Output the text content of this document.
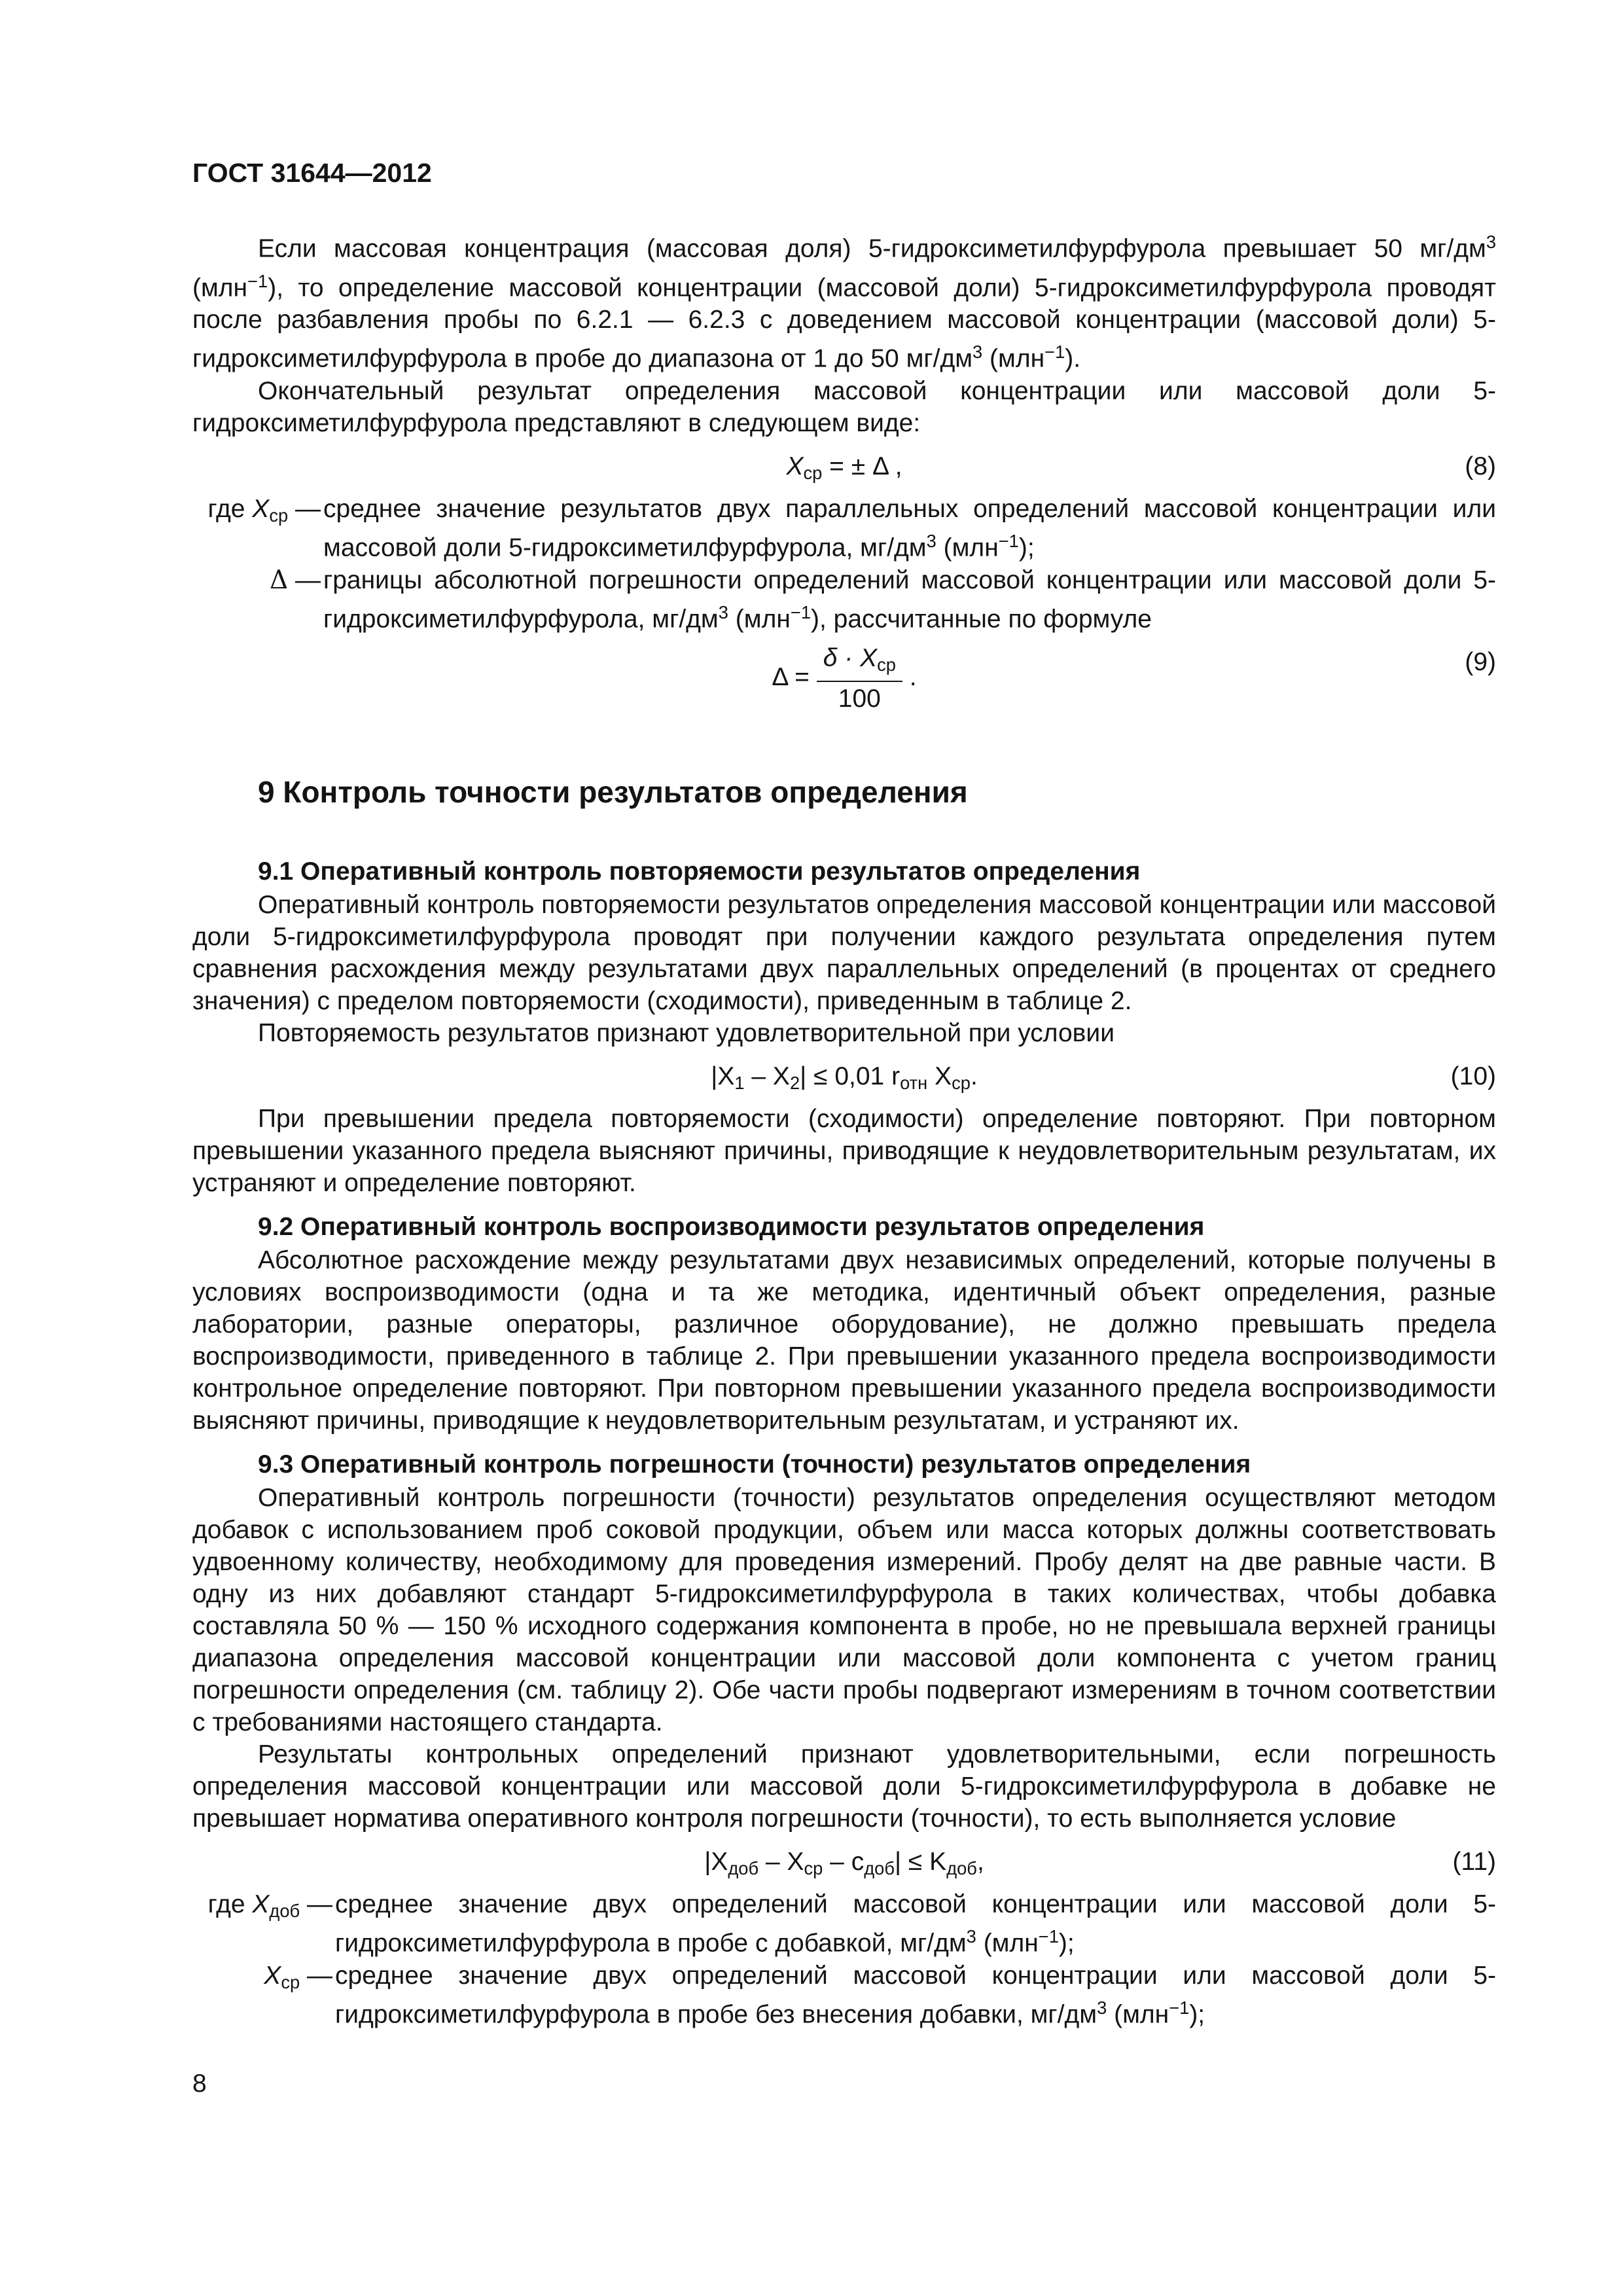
ГОСТ 31644—2012

Если массовая концентрация (массовая доля) 5-гидроксиметилфурфурола превышает 50 $мг/дм^3$ (млн$^{-1}$), то определение массовой концентрации (массовой доли) 5-гидроксиметилфурфурола проводят после разбавления пробы по 6.2.1 — 6.2.3 с доведением массовой концентрации (массовой доли) 5-гидроксиметилфурфурола в пробе до диапазона от 1 до 50 $мг/дм^3$ (млн$^{-1}$).

Окончательный результат определения массовой концентрации или массовой доли 5-гидроксиметилфурфурола представляют в следующем виде:

$X_{ср}$ = ± Δ ,	(8)
где $X_{ср}$ — среднее значение результатов двух параллельных определений массовой концентрации или массовой доли 5-гидроксиметилфурфурола, $мг/дм^3$ (млн$^{-1}$);
Δ — границы абсолютной погрешности определений массовой концентрации или массовой доли 5-гидроксиметилфурфурола, $мг/дм^3$ (млн$^{-1}$), рассчитанные по формуле
Δ =
$\delta \cdot X_{ср}$
100
.
(9)
9 Контроль точности результатов определения
9.1 Оперативный контроль повторяемости результатов определения

Оперативный контроль повторяемости результатов определения массовой концентрации или массовой доли 5-гидроксиметилфурфурола проводят при получении каждого результата определения путем сравнения расхождения между результатами двух параллельных определений (в процентах от среднего значения) с пределом повторяемости (сходимости), приведенным в таблице 2.

Повторяемость результатов признают удовлетворительной при условии

$|X_1 - X_2| \le 0,01$ $r_{отн}$ $X_{ср}$.	(10)

При превышении предела повторяемости (сходимости) определение повторяют. При повторном превышении указанного предела выясняют причины, приводящие к неудовлетворительным результатам, их устраняют и определение повторяют.

9.2 Оперативный контроль воспроизводимости результатов определения

Абсолютное расхождение между результатами двух независимых определений, которые получены в условиях воспроизводимости (одна и та же методика, идентичный объект определения, разные лаборатории, разные операторы, различное оборудование), не должно превышать предела воспроизводимости, приведенного в таблице 2. При превышении указанного предела воспроизводимости контрольное определение повторяют. При повторном превышении указанного предела воспроизводимости выясняют причины, приводящие к неудовлетворительным результатам, и устраняют их.

9.3 Оперативный контроль погрешности (точности) результатов определения

Оперативный контроль погрешности (точности) результатов определения осуществляют методом добавок с использованием проб соковой продукции, объем или масса которых должны соответствовать удвоенному количеству, необходимому для проведения измерений. Пробу делят на две равные части. В одну из них добавляют стандарт 5-гидроксиметилфурфурола в таких количествах, чтобы добавка составляла 50 % — 150 % исходного содержания компонента в пробе, но не превышала верхней границы диапазона определения массовой концентрации или массовой доли компонента с учетом границ погрешности определения (см. таблицу 2). Обе части пробы подвергают измерениям в точном соответствии с требованиями настоящего стандарта.

Результаты контрольных определений признают удовлетворительными, если погрешность определения массовой концентрации или массовой доли 5-гидроксиметилфурфурола в добавке не превышает норматива оперативного контроля погрешности (точности), то есть выполняется условие

$|X_{доб} - X_{ср} - c_{доб}| \le K_{доб}$,	(11)
где $X_{доб}$ — среднее значение двух определений массовой концентрации или массовой доли 5-гидроксиметилфурфурола в пробе с добавкой, $мг/дм^3$ (млн$^{-1}$);
$X_{ср}$ — среднее значение двух определений массовой концентрации или массовой доли 5-гидроксиметилфурфурола в пробе без внесения добавки, $мг/дм^3$ (млн$^{-1}$);
8
